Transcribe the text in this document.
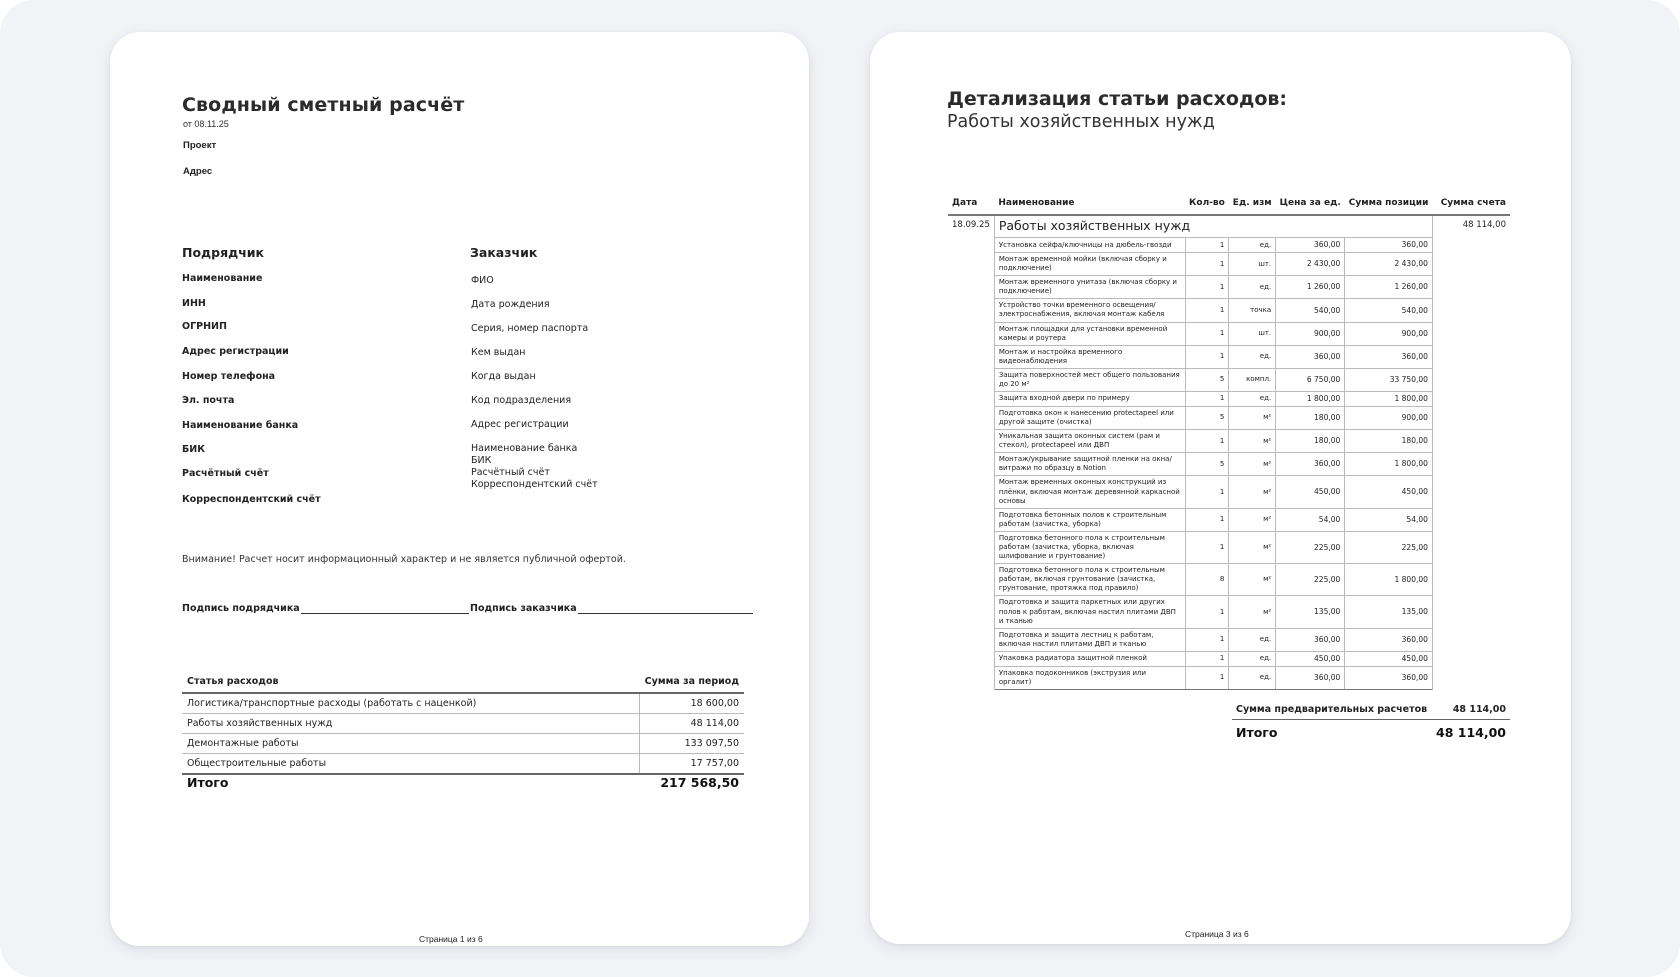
Сводный сметный расчёт
от 08.11.25
Проект
Адрес
Подрядчик
Наименование
ИНН
ОГРНИП
Адрес регистрации
Номер телефона
Эл. почта
Наименование банка
БИК
Расчётный счёт
Корреспондентский счёт
Заказчик
ФИО
Дата рождения
Серия, номер паспорта
Кем выдан
Когда выдан
Код подразделения
Адрес регистрации
Наименование банка
БИК
Расчётный счёт
Корреспондентский счёт
Внимание! Расчет носит информационный характер и не является публичной офертой.
Подпись подрядчика	Подпись заказчика
Статья расходов	Сумма за период
Логистика/транспортные расходы (работать с наценкой)	18 600,00
Работы хозяйственных нужд	48 114,00
Демонтажные работы	133 097,50
Общестроительные работы	17 757,00
Итого	217 568,50
Страница 1 из 6
Детализация статьи расходов:
Работы хозяйственных нужд
Дата	Наименование	Кол-во	Ед. изм	Цена за ед.	Сумма позиции	Сумма счета
18.09.25	Работы хозяйственных нужд					48 114,00
	Установка сейфа/ключницы на дюбель-гвозди	1	ед.	360,00	360,00	
	Монтаж временной мойки (включая сборку и подключение)	1	шт.	2 430,00	2 430,00	
	Монтаж временного унитаза (включая сборку и подключение)	1	ед.	1 260,00	1 260,00	
	Устройство точки временного освещения/электроснабжения, включая монтаж кабеля	1	точка	540,00	540,00	
	Монтаж площадки для установки временной камеры и роутера	1	шт.	900,00	900,00	
	Монтаж и настройка временного видеонаблюдения	1	ед.	360,00	360,00	
	Защита поверхностей мест общего пользования до 20 м²	5	компл.	6 750,00	33 750,00	
	Защита входной двери по примеру	1	ед.	1 800,00	1 800,00	
	Подготовка окон к нанесению protectapeel или другой защите (очистка)	5	м²	180,00	900,00	
	Уникальная защита оконных систем (рам и стекол), protectapeel или ДВП	1	м²	180,00	180,00	
	Монтаж/укрывание защитной пленки на окна/витражи по образцу в Notion	5	м²	360,00	1 800,00	
	Монтаж временных оконных конструкций из плёнки, включая монтаж деревянной каркасной основы	1	м²	450,00	450,00	
	Подготовка бетонных полов к строительным работам (зачистка, уборка)	1	м²	54,00	54,00	
	Подготовка бетонного пола к строительным работам (зачистка, уборка, включая шлифование и грунтование)	1	м²	225,00	225,00	
	Подготовка бетонного пола к строительным работам, включая грунтование (зачистка, грунтование, протяжка под правило)	8	м²	225,00	1 800,00	
	Подготовка и защита паркетных или других полов к работам, включая настил плитами ДВП и тканью	1	м²	135,00	135,00	
	Подготовка и защита лестниц к работам, включая настил плитами ДВП и тканью	1	ед.	360,00	360,00	
	Упаковка радиатора защитной пленкой	1	ед.	450,00	450,00	
	Упаковка подоконников (экструзия или оргалит)	1	ед.	360,00	360,00	
Сумма предварительных расчетов	48 114,00
Итого	48 114,00
Страница 3 из 6
